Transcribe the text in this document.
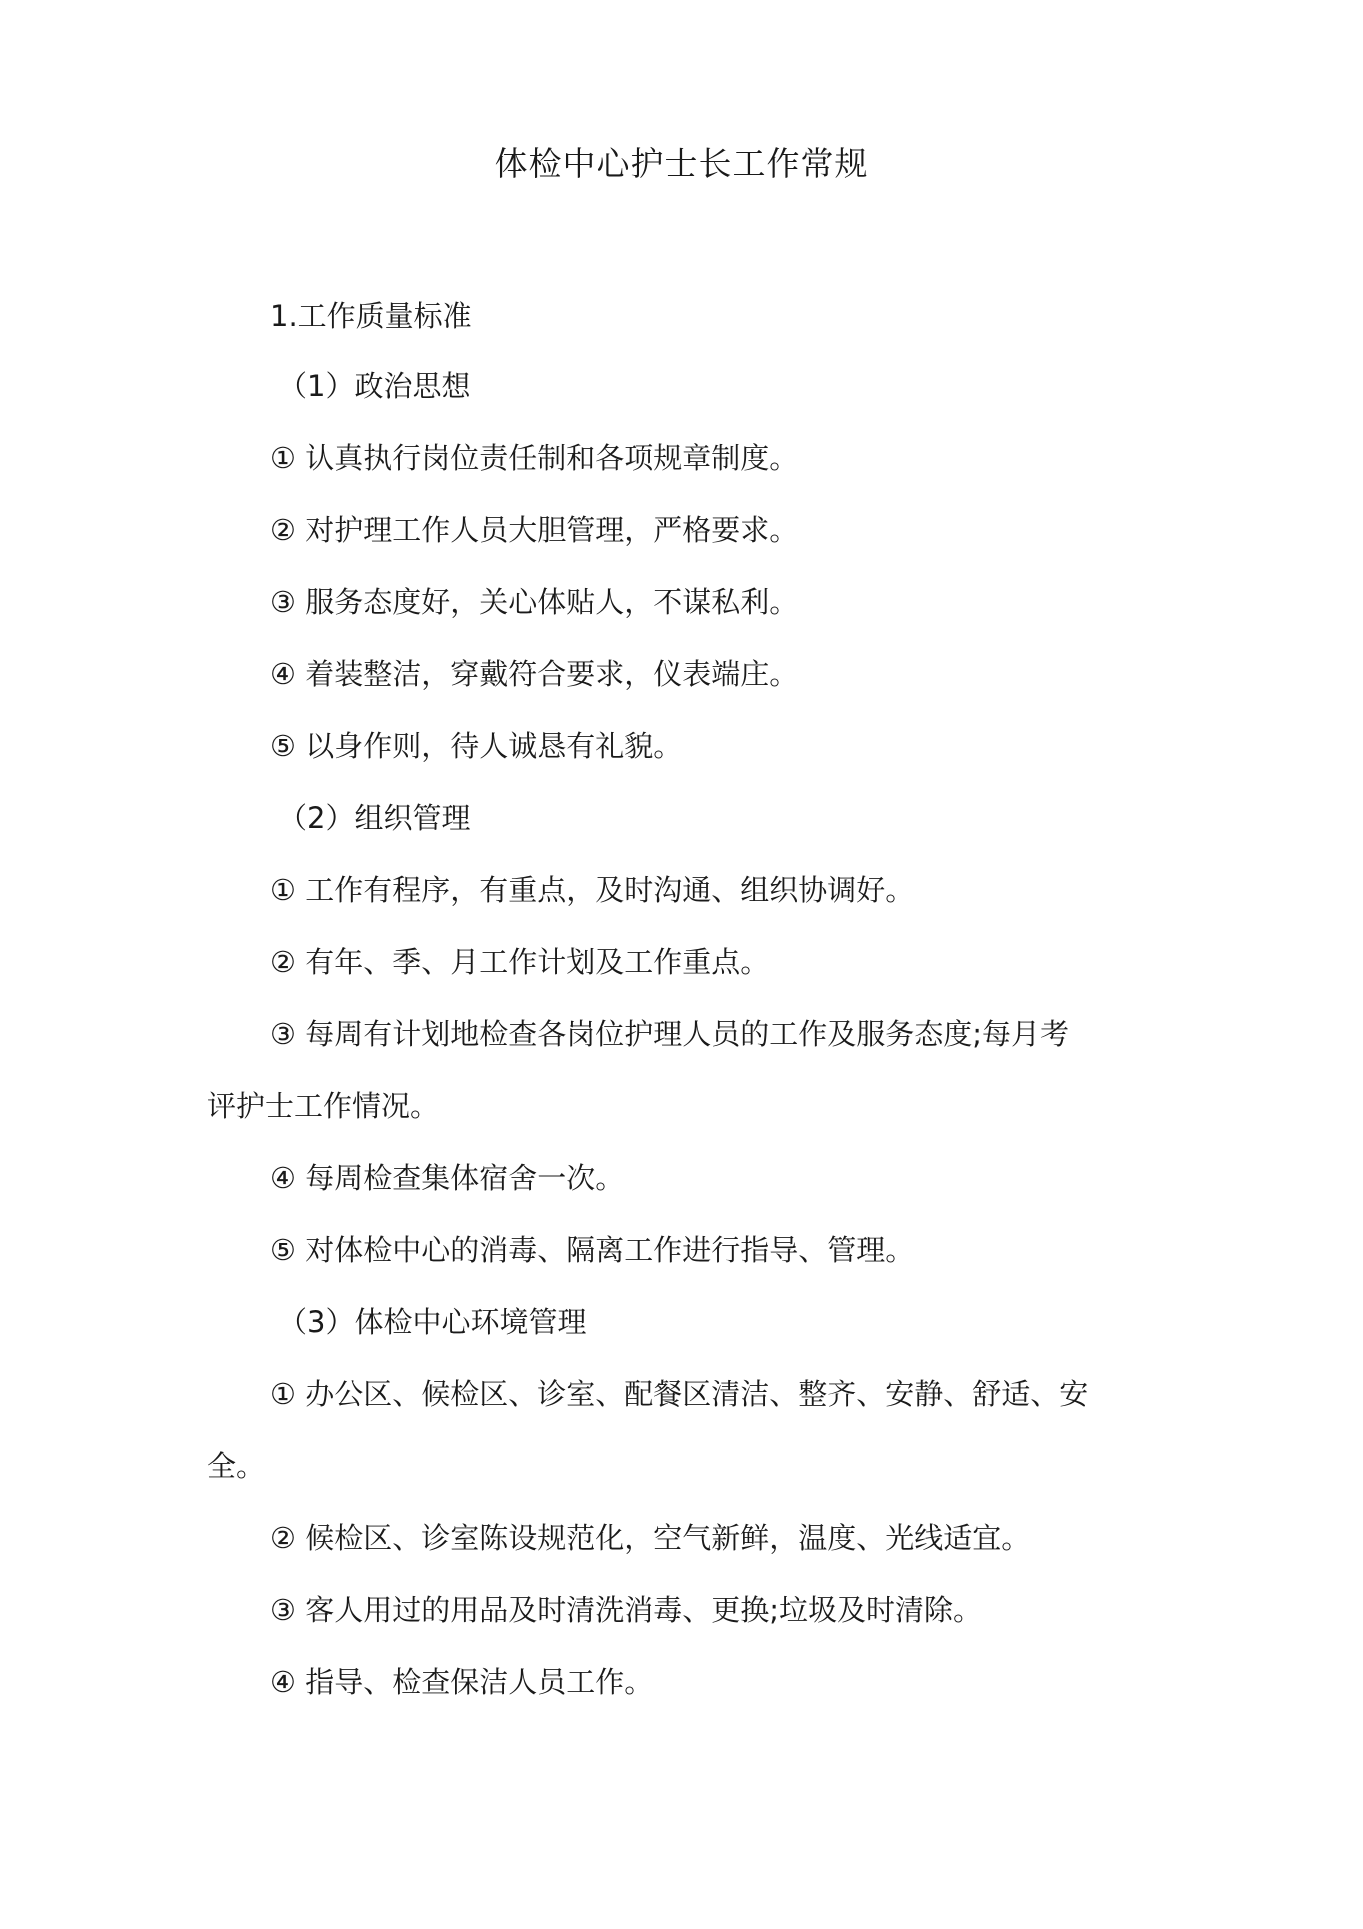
体检中心护士长工作常规
1.工作质量标准
（1）政治思想
① 认真执行岗位责任制和各项规章制度。
② 对护理工作人员大胆管理，严格要求。
③ 服务态度好，关心体贴人，不谋私利。
④ 着装整洁，穿戴符合要求，仪表端庄。
⑤ 以身作则，待人诚恳有礼貌。
（2）组织管理
① 工作有程序，有重点，及时沟通、组织协调好。
② 有年、季、月工作计划及工作重点。
③ 每周有计划地检查各岗位护理人员的工作及服务态度;每月考
评护士工作情况。
④ 每周检查集体宿舍一次。
⑤ 对体检中心的消毒、隔离工作进行指导、管理。
（3）体检中心环境管理
① 办公区、候检区、诊室、配餐区清洁、整齐、安静、舒适、安
全。
② 候检区、诊室陈设规范化，空气新鲜，温度、光线适宜。
③ 客人用过的用品及时清洗消毒、更换;垃圾及时清除。
④ 指导、检查保洁人员工作。
